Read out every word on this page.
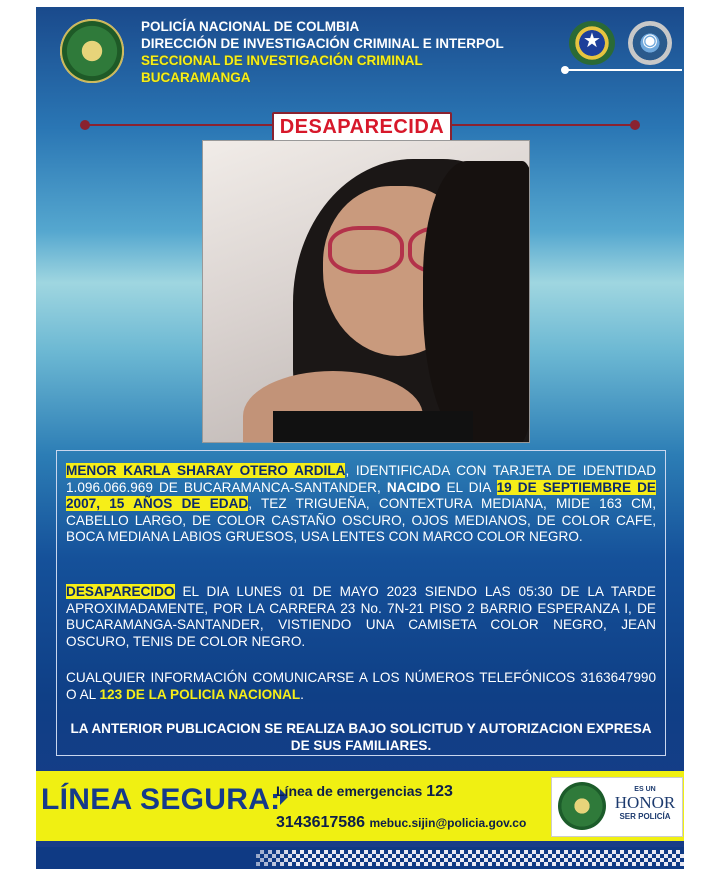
POLICÍA NACIONAL DE COLMBIA
DIRECCIÓN DE INVESTIGACIÓN CRIMINAL E INTERPOL
SECCIONAL DE INVESTIGACIÓN CRIMINAL
BUCARAMANGA
★	◉
DESAPARECIDA

MENOR KARLA SHARAY OTERO ARDILA, IDENTIFICADA CON TARJETA DE IDENTIDAD 1.096.066.969 DE BUCARAMANCA-SANTANDER, NACIDO EL DIA 19 DE SEPTIEMBRE DE 2007, 15 AÑOS DE EDAD, TEZ TRIGUEÑA, CONTEXTURA MEDIANA, MIDE 163 CM, CABELLO LARGO, DE COLOR CASTAÑO OSCURO, OJOS MEDIANOS, DE COLOR CAFE, BOCA MEDIANA LABIOS GRUESOS, USA LENTES CON MARCO COLOR NEGRO.

DESAPARECIDO EL DIA LUNES 01 DE MAYO 2023 SIENDO LAS 05:30 DE LA TARDE APROXIMADAMENTE, POR LA CARRERA 23 No. 7N-21 PISO 2 BARRIO ESPERANZA I, DE BUCARAMANGA-SANTANDER, VISTIENDO UNA CAMISETA COLOR NEGRO, JEAN OSCURO, TENIS DE COLOR NEGRO.

CUALQUIER INFORMACIÓN COMUNICARSE A LOS NÚMEROS TELEFÓNICOS 3163647990 O AL 123 DE LA POLICIA NACIONAL.

LA ANTERIOR PUBLICACION SE REALIZA BAJO SOLICITUD Y AUTORIZACION EXPRESA DE SUS FAMILIARES.

LÍNEA SEGURA:
Línea de emergencias 123
3143617586 mebuc.sijin@policia.gov.co
ES UN
HONOR
SER POLICÍA
